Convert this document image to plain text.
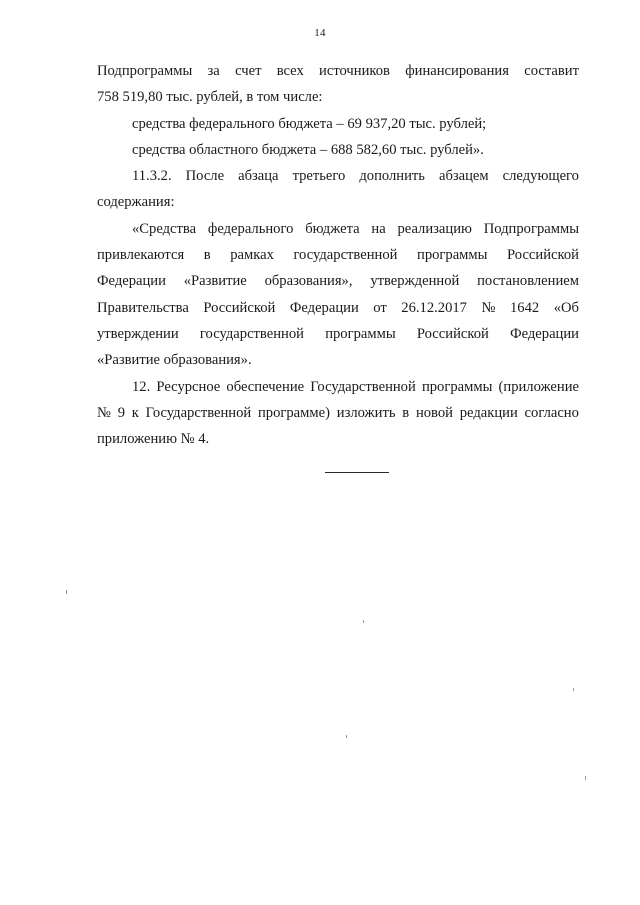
14
Подпрограммы за счет всех источников финансирования составит
758 519,80 тыс. рублей, в том числе:
средства федерального бюджета – 69 937,20 тыс. рублей;
средства областного бюджета – 688 582,60 тыс. рублей».
11.3.2. После абзаца третьего дополнить абзацем следующего
содержания:
«Средства федерального бюджета на реализацию Подпрограммы
привлекаются в рамках государственной программы Российской
Федерации «Развитие образования», утвержденной постановлением
Правительства Российской Федерации от 26.12.2017 № 1642 «Об
утверждении государственной программы Российской Федерации
«Развитие образования».
12. Ресурсное обеспечение Государственной программы (приложение
№ 9 к Государственной программе) изложить в новой редакции согласно
приложению № 4.
